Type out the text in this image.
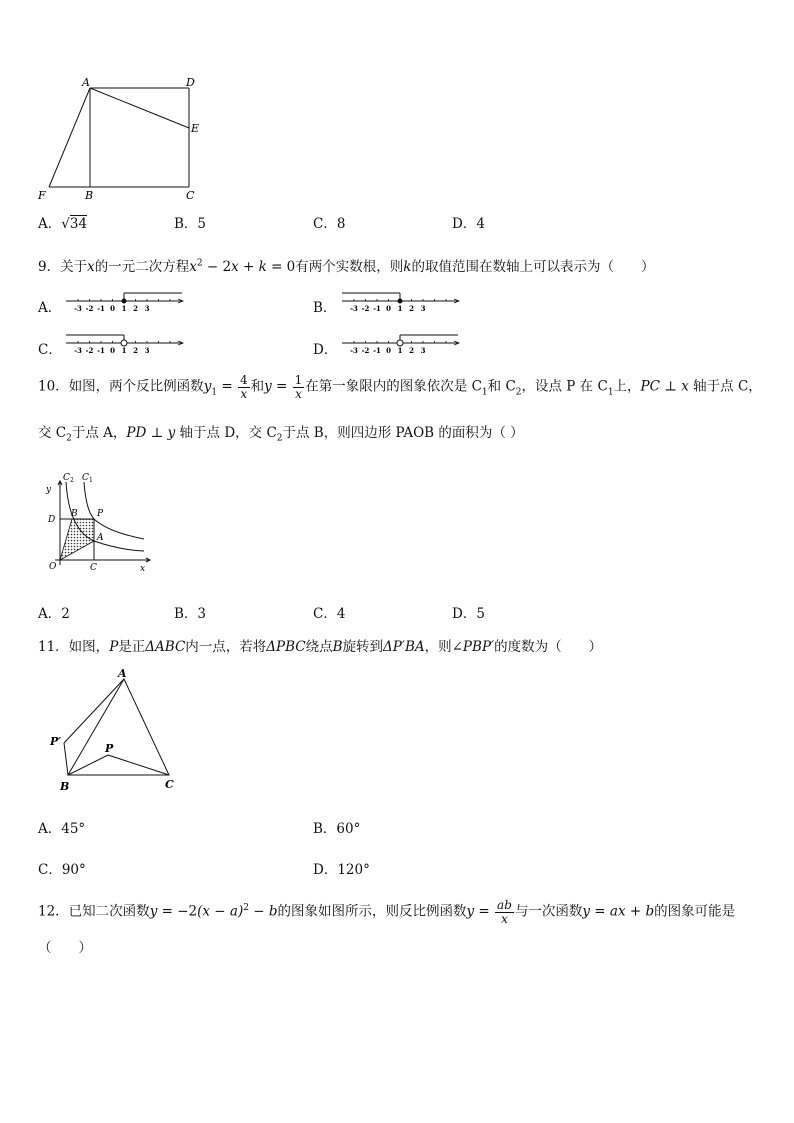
A	D
E
F	B	C
A．√34	B．5	C．8	D．4
9．关于x的一元二次方程$x^2 - 2x + k = 0$有两个实数根，则k的取值范围在数轴上可以表示为（　　）
A．	B．
C．	D．
-3 -2 -1 0 1 2 3	-3 -2 -1 0 1 2 3
-3 -2 -1 0 1 2 3	-3 -2 -1 0 1 2 3
10．如图，两个反比例函数$y_1 = \frac{4}{x}$ 和$y = \frac{1}{x}$ 在第一象限内的图象依次是 $C_1$和 $C_2$，设点 P 在 $C_1$上，PC ⊥ x 轴于点 C，
交 $C_2$于点 A，PD ⊥ y 轴于点 D，交 $C_2$于点 B，则四边形 PAOB 的面积为（ ）
y
C 2 C 1
D
B P
A
O	C	x
A．2	B．3	C．4	D．5
11．如图，P是正ΔABC内一点，若将ΔPBC绕点B旋转到ΔP′BA，则∠PBP′的度数为（　　）
A
P′
P
B	C
A．45°	B．60°
C．90°	D．120°
12．已知二次函数$y = -2(x - a)^2 - b$的图象如图所示，则反比例函数$y = \frac{ab}{x}$ 与一次函数y = ax + b的图象可能是
（　　）
